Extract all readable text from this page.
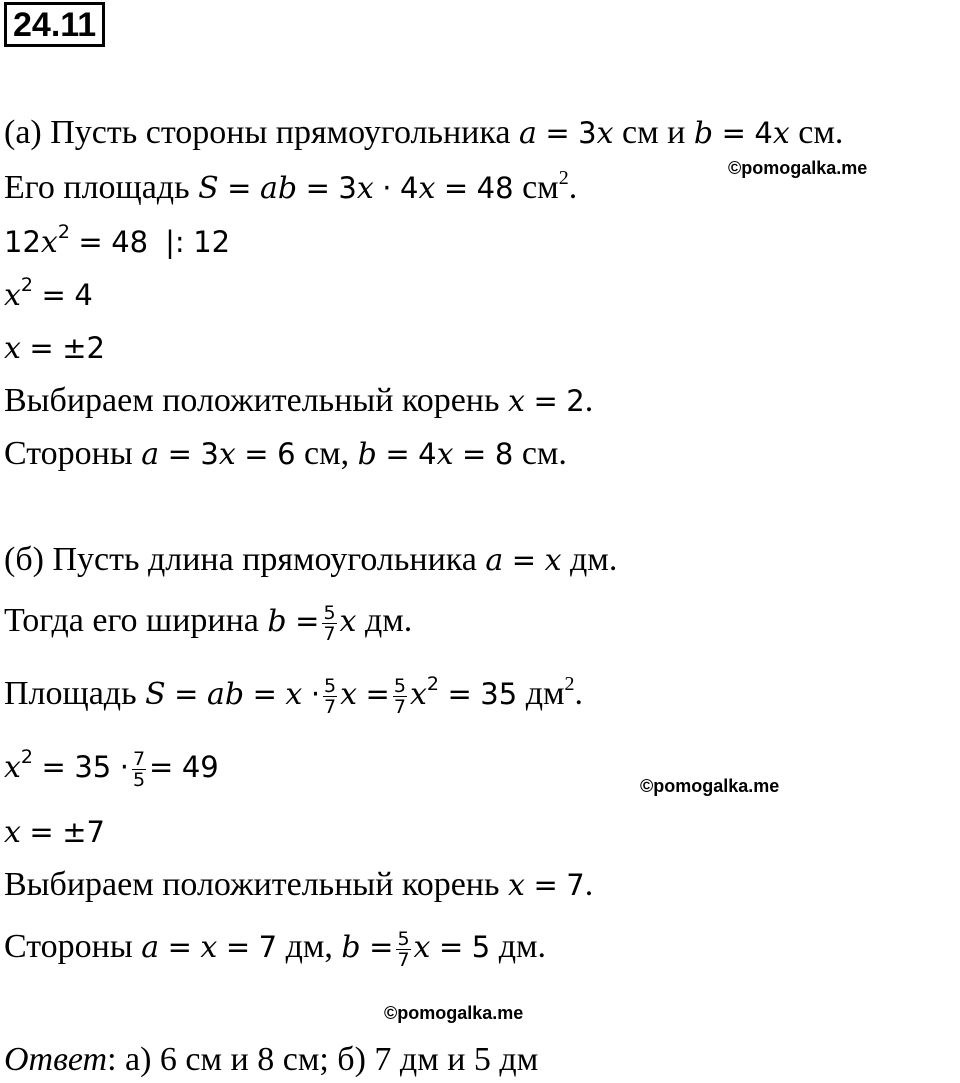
24.11
(а) Пусть стороны прямоугольника a = 3x см и b = 4x см.
©pomogalka.me
Его площадь S = ab = 3x · 4x = 48 $см^2$.
$12x^2 = 48$ |: 12
$x^2 = 4$
x = ±2
Выбираем положительный корень x = 2.
Стороны a = 3x = 6 см, b = 4x = 8 см.
(б) Пусть длина прямоугольника a = x дм.
Тогда его ширина $b = \frac{5}{7}$ x дм.
Площадь S = ab = $x \cdot \frac{5}{7}$ $x = \frac{5}{7} x^2 = 35$ $дм^2$.
$x^2 = 35 \cdot \frac{7}{5} = 49$
©pomogalka.me
x = ±7
Выбираем положительный корень x = 7.
Стороны a = x = 7 дм, $b = \frac{5}{7}$ x = 5 дм.
©pomogalka.me
Ответ: а) 6 см и 8 см; б) 7 дм и 5 дм
